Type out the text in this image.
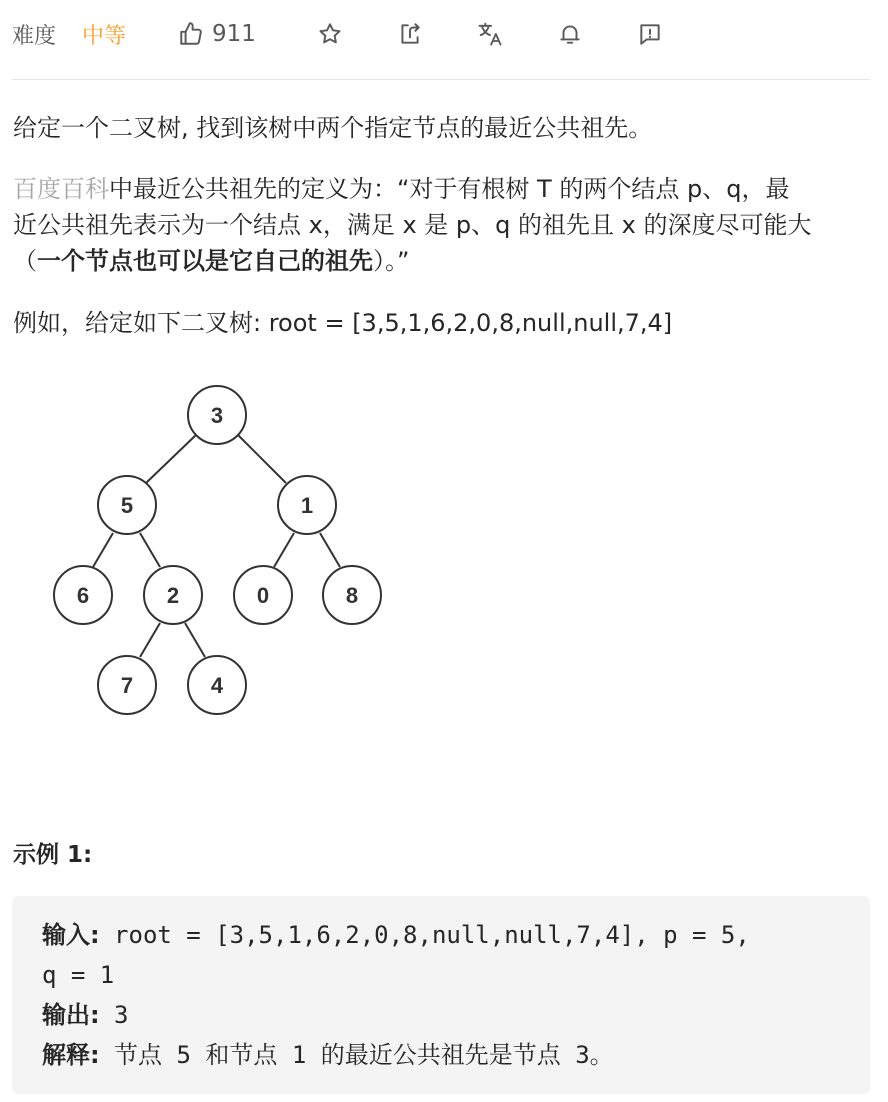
难度 中等	911
给定一个二叉树, 找到该树中两个指定节点的最近公共祖先。
百度百科中最近公共祖先的定义为：“对于有根树 T 的两个结点 p、q，最
近公共祖先表示为一个结点 x，满足 x 是 p、q 的祖先且 x 的深度尽可能大
（一个节点也可以是它自己的祖先）。”
例如，给定如下二叉树: root = [3,5,1,6,2,0,8,null,null,7,4]
3
5	1
6	2	0	8
7	4
示例 1:
输入: root = [3,5,1,6,2,0,8,null,null,7,4], p = 5,
q = 1
输出: 3
解释: 节点 5 和节点 1 的最近公共祖先是节点 3。
